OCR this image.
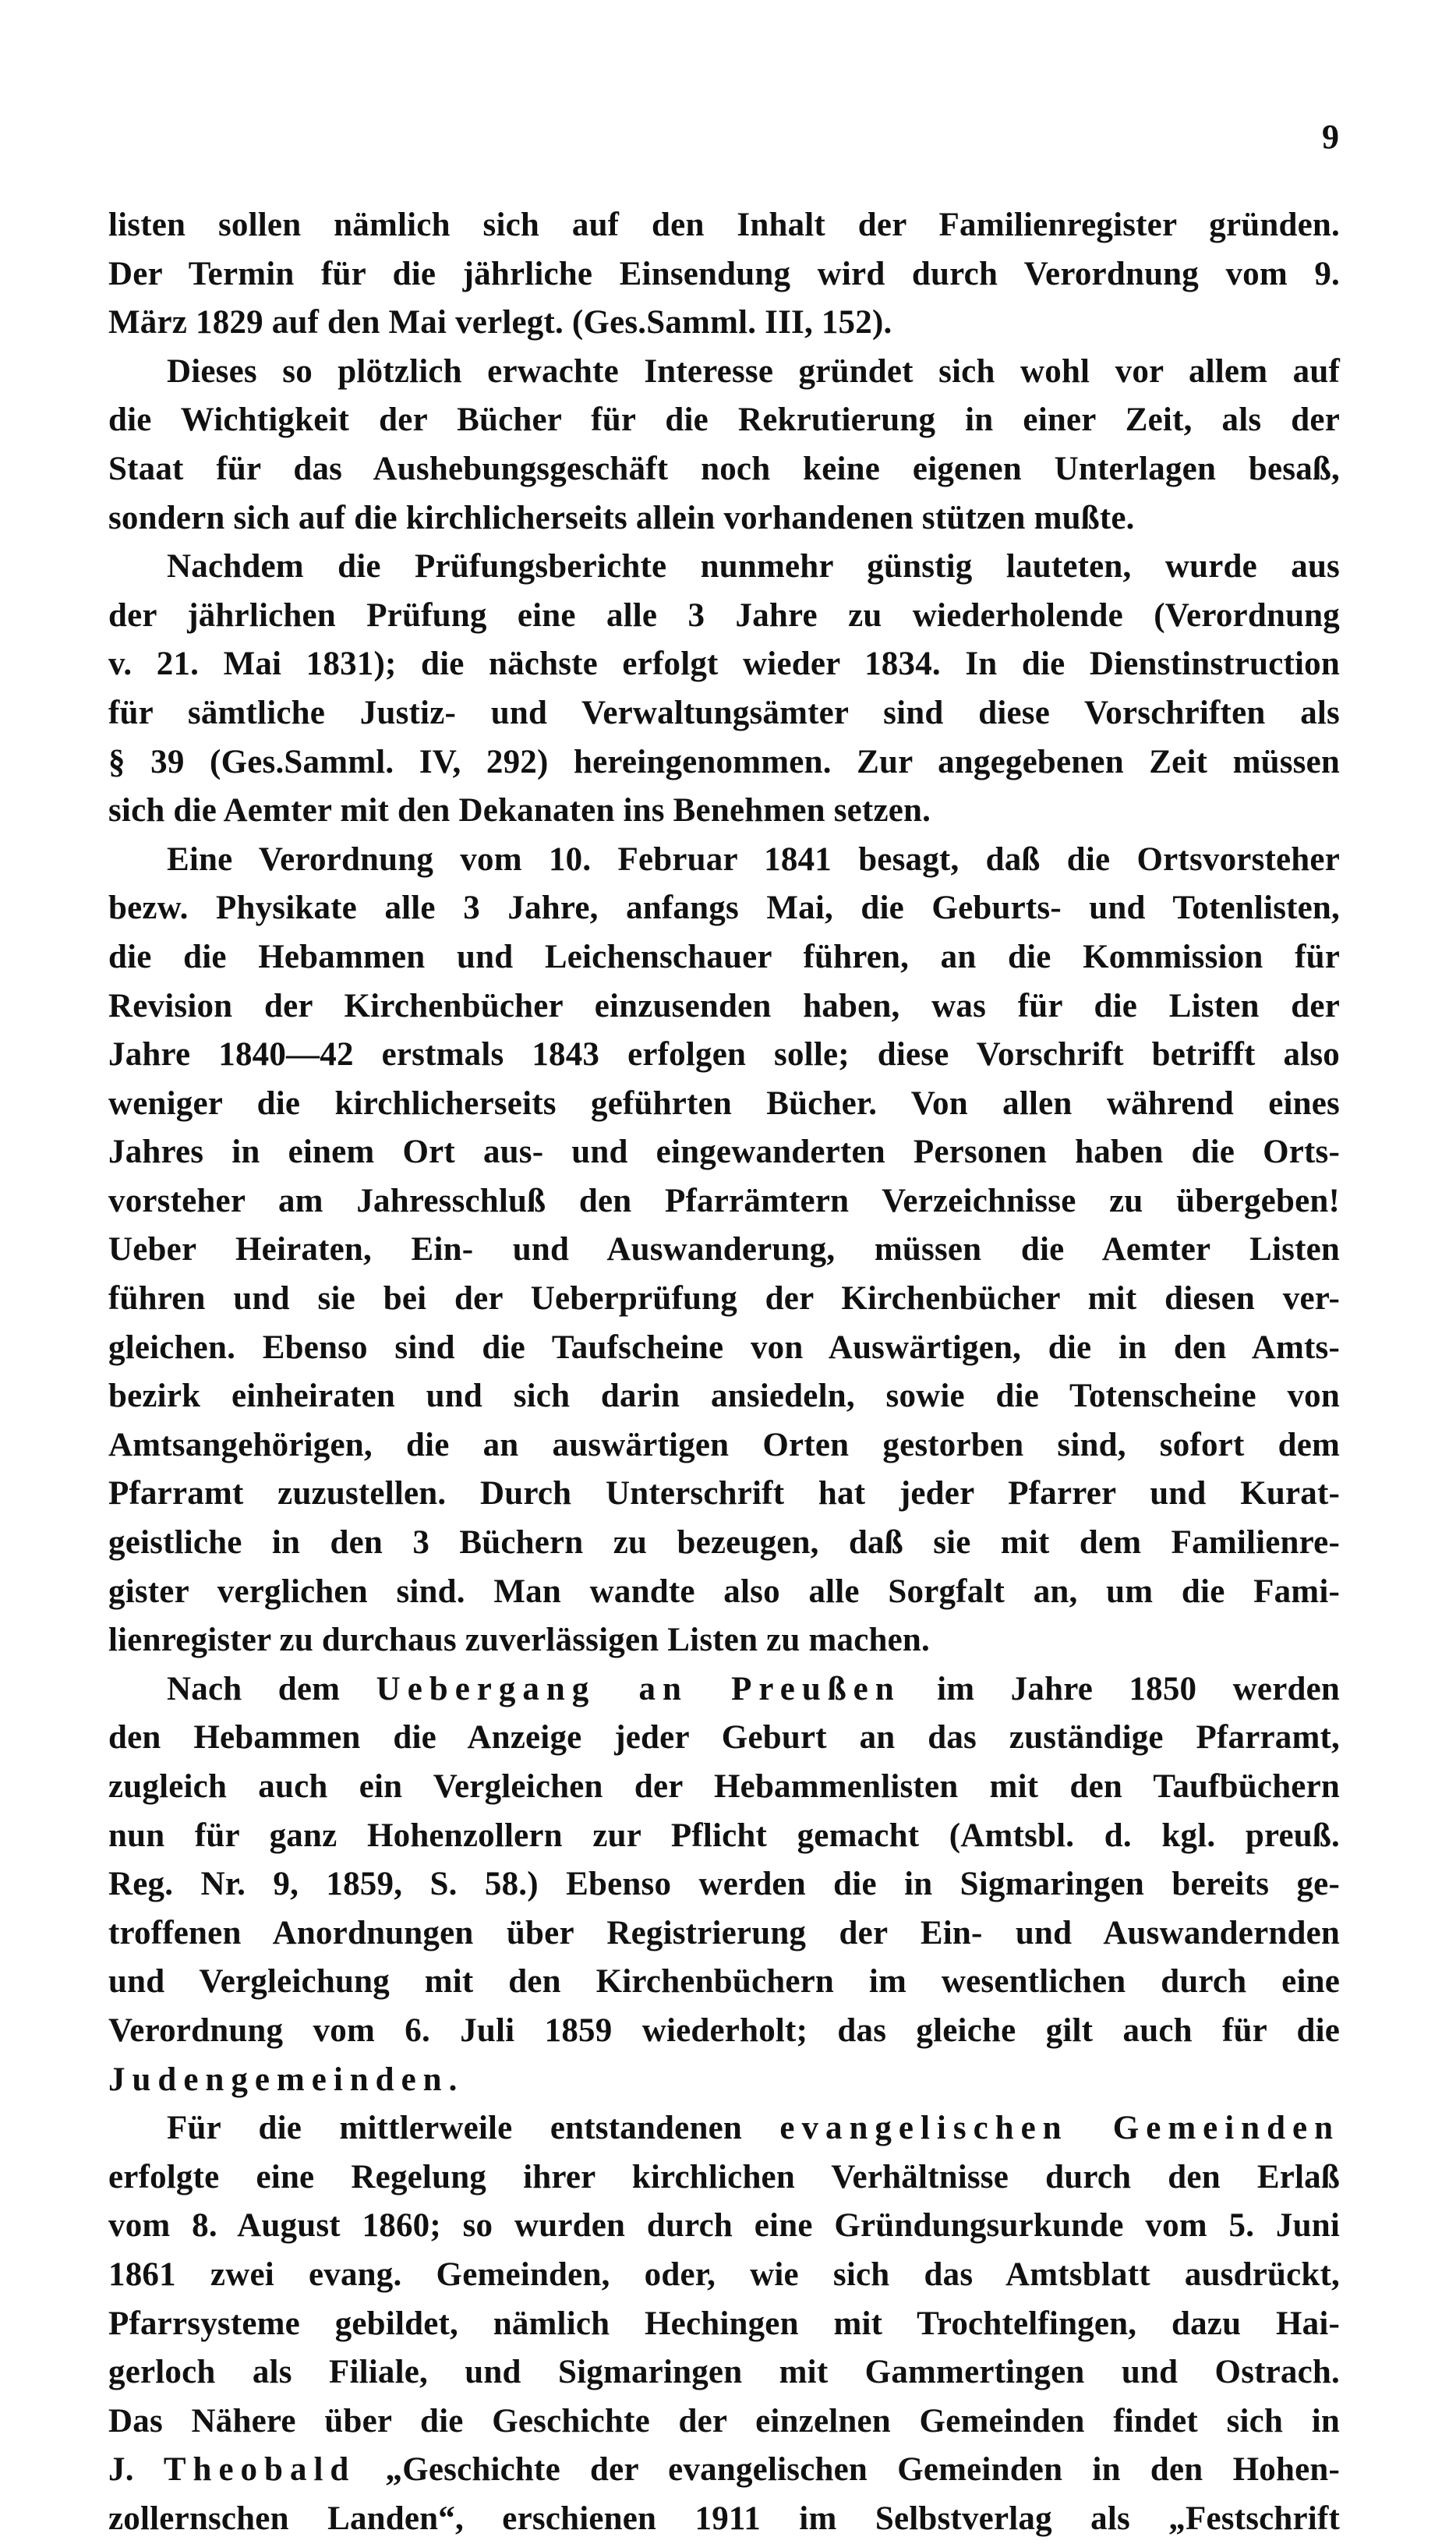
9
listen sollen nämlich sich auf den Inhalt der Familienregister gründen.
Der Termin für die jährliche Einsendung wird durch Verordnung vom 9.
März 1829 auf den Mai verlegt. (Ges.Samml. III, 152).
Dieses so plötzlich erwachte Interesse gründet sich wohl vor allem auf
die Wichtigkeit der Bücher für die Rekrutierung in einer Zeit, als der
Staat für das Aushebungsgeschäft noch keine eigenen Unterlagen besaß,
sondern sich auf die kirchlicherseits allein vorhandenen stützen mußte.
Nachdem die Prüfungsberichte nunmehr günstig lauteten, wurde aus
der jährlichen Prüfung eine alle 3 Jahre zu wiederholende (Verordnung
v. 21. Mai 1831); die nächste erfolgt wieder 1834. In die Dienstinstruction
für sämtliche Justiz- und Verwaltungsämter sind diese Vorschriften als
§ 39 (Ges.Samml. IV, 292) hereingenommen. Zur angegebenen Zeit müssen
sich die Aemter mit den Dekanaten ins Benehmen setzen.
Eine Verordnung vom 10. Februar 1841 besagt, daß die Ortsvorsteher
bezw. Physikate alle 3 Jahre, anfangs Mai, die Geburts- und Totenlisten,
die die Hebammen und Leichenschauer führen, an die Kommission für
Revision der Kirchenbücher einzusenden haben, was für die Listen der
Jahre 1840—42 erstmals 1843 erfolgen solle; diese Vorschrift betrifft also
weniger die kirchlicherseits geführten Bücher. Von allen während eines
Jahres in einem Ort aus- und eingewanderten Personen haben die Orts-
vorsteher am Jahresschluß den Pfarrämtern Verzeichnisse zu übergeben!
Ueber Heiraten, Ein- und Auswanderung, müssen die Aemter Listen
führen und sie bei der Ueberprüfung der Kirchenbücher mit diesen ver-
gleichen. Ebenso sind die Taufscheine von Auswärtigen, die in den Amts-
bezirk einheiraten und sich darin ansiedeln, sowie die Totenscheine von
Amtsangehörigen, die an auswärtigen Orten gestorben sind, sofort dem
Pfarramt zuzustellen. Durch Unterschrift hat jeder Pfarrer und Kurat-
geistliche in den 3 Büchern zu bezeugen, daß sie mit dem Familienre-
gister verglichen sind. Man wandte also alle Sorgfalt an, um die Fami-
lienregister zu durchaus zuverlässigen Listen zu machen.
Nach dem Uebergang an Preußen im Jahre 1850 werden
den Hebammen die Anzeige jeder Geburt an das zuständige Pfarramt,
zugleich auch ein Vergleichen der Hebammenlisten mit den Taufbüchern
nun für ganz Hohenzollern zur Pflicht gemacht (Amtsbl. d. kgl. preuß.
Reg. Nr. 9, 1859, S. 58.) Ebenso werden die in Sigmaringen bereits ge-
troffenen Anordnungen über Registrierung der Ein- und Auswandernden
und Vergleichung mit den Kirchenbüchern im wesentlichen durch eine
Verordnung vom 6. Juli 1859 wiederholt; das gleiche gilt auch für die
Judengemeinden.
Für die mittlerweile entstandenen evangelischen Gemeinden
erfolgte eine Regelung ihrer kirchlichen Verhältnisse durch den Erlaß
vom 8. August 1860; so wurden durch eine Gründungsurkunde vom 5. Juni
1861 zwei evang. Gemeinden, oder, wie sich das Amtsblatt ausdrückt,
Pfarrsysteme gebildet, nämlich Hechingen mit Trochtelfingen, dazu Hai-
gerloch als Filiale, und Sigmaringen mit Gammertingen und Ostrach.
Das Nähere über die Geschichte der einzelnen Gemeinden findet sich in
J. Theobald „Geschichte der evangelischen Gemeinden in den Hohen-
zollernschen Landen“, erschienen 1911 im Selbstverlag als „Festschrift
